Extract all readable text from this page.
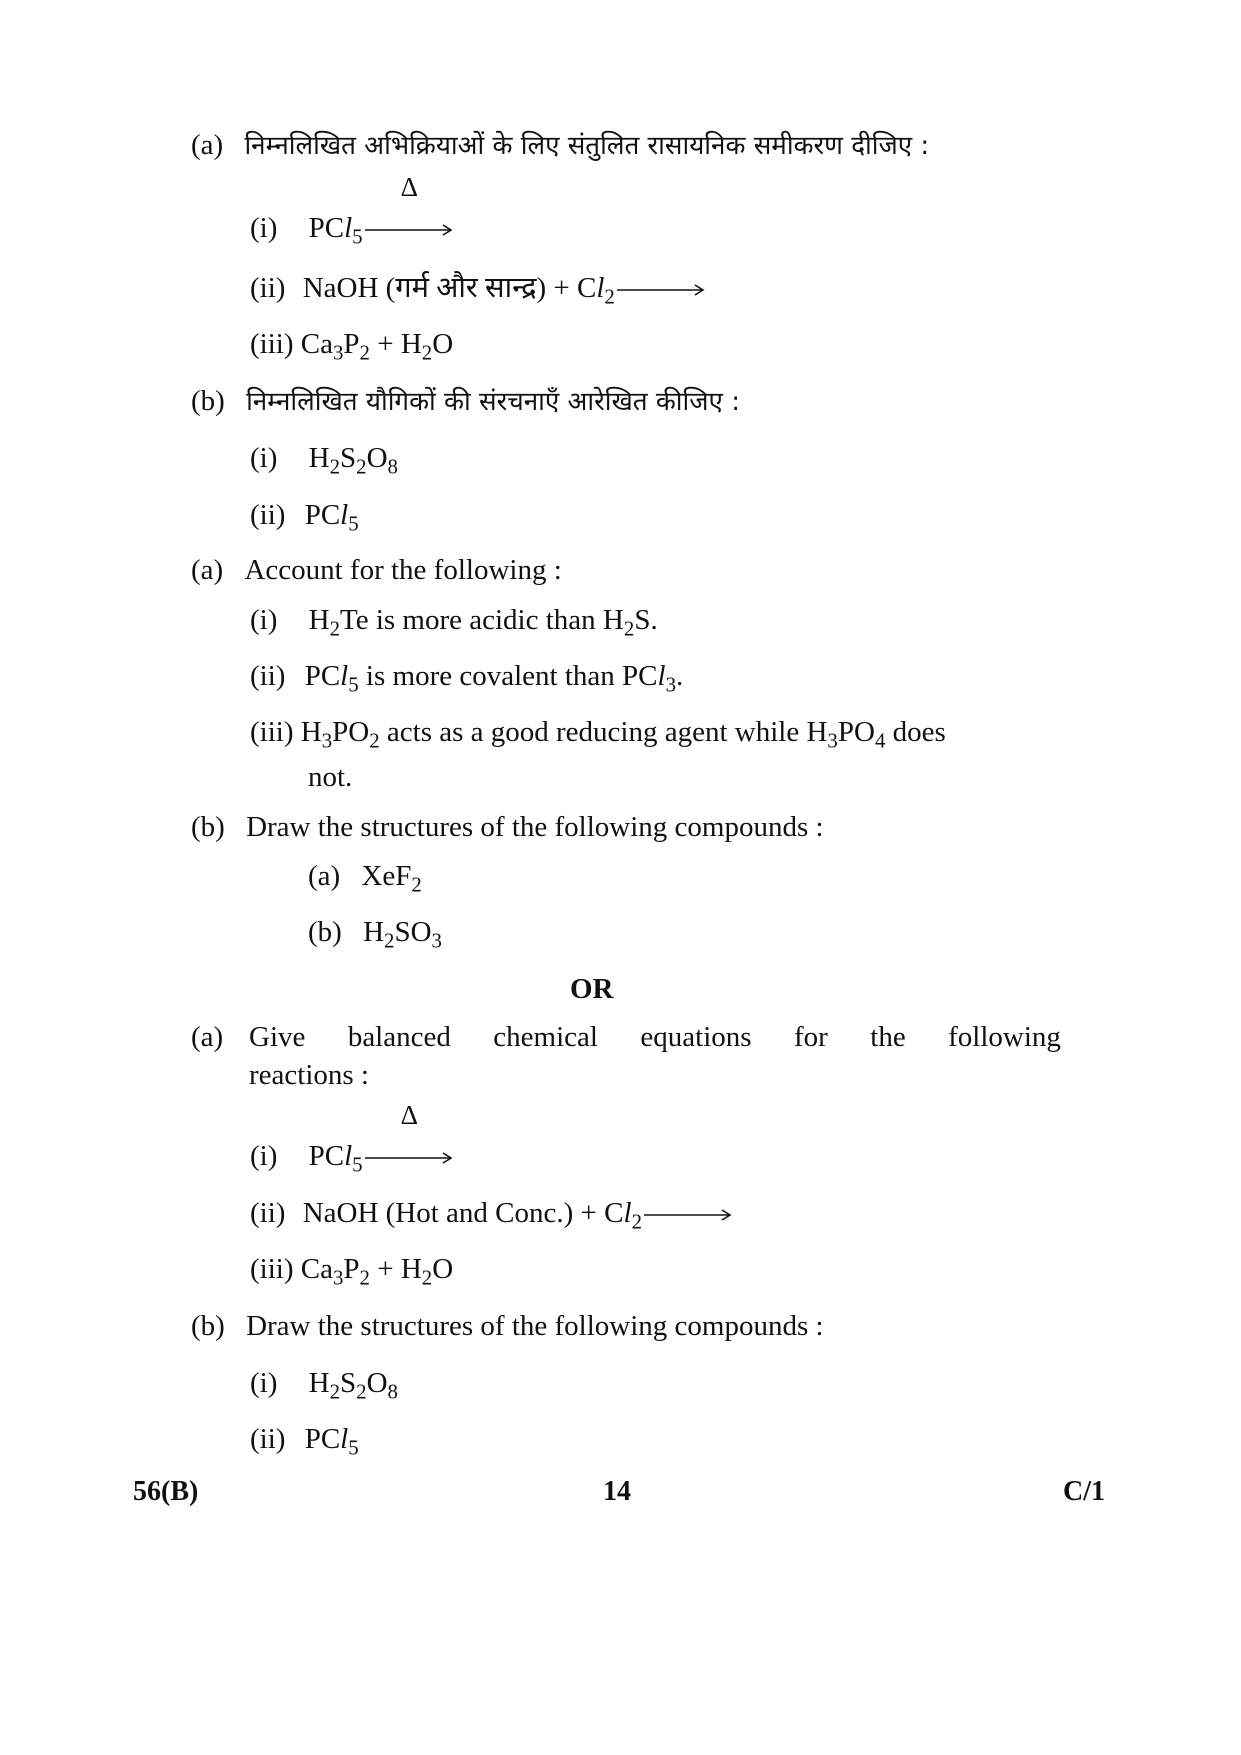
(a) निम्नलिखित अभिक्रियाओं के लिए संतुलित रासायनिक समीकरण दीजिए :
(i) PCl$_5$
Δ
(ii) NaOH (गर्म और सान्द्र) + $Cl_2$
(iii) $Ca_3P_2 + H_2O$
(b) निम्नलिखित यौगिकों की संरचनाएँ आरेखित कीजिए :
(i) $H_2S_2O_8$
(ii) PCl$_5$
(a) Account for the following :
(i) $H_2Te$ is more acidic than $H_2S$.
(ii) PCl$_5$ is more covalent than PCl$_3$.
(iii) $H_3PO_2$ acts as a good reducing agent while $H_3PO_4$ does
not.
(b) Draw the structures of the following compounds :
(a) XeF$_2$
(b) $H_2SO_3$
OR
(a) Give balanced chemical equations for the following
reactions :
(i) PCl$_5$
Δ
(ii) NaOH (Hot and Conc.) + $Cl_2$
(iii) $Ca_3P_2 + H_2O$
(b) Draw the structures of the following compounds :
(i) $H_2S_2O_8$
(ii) PCl$_5$
56(B)	14	C/1
